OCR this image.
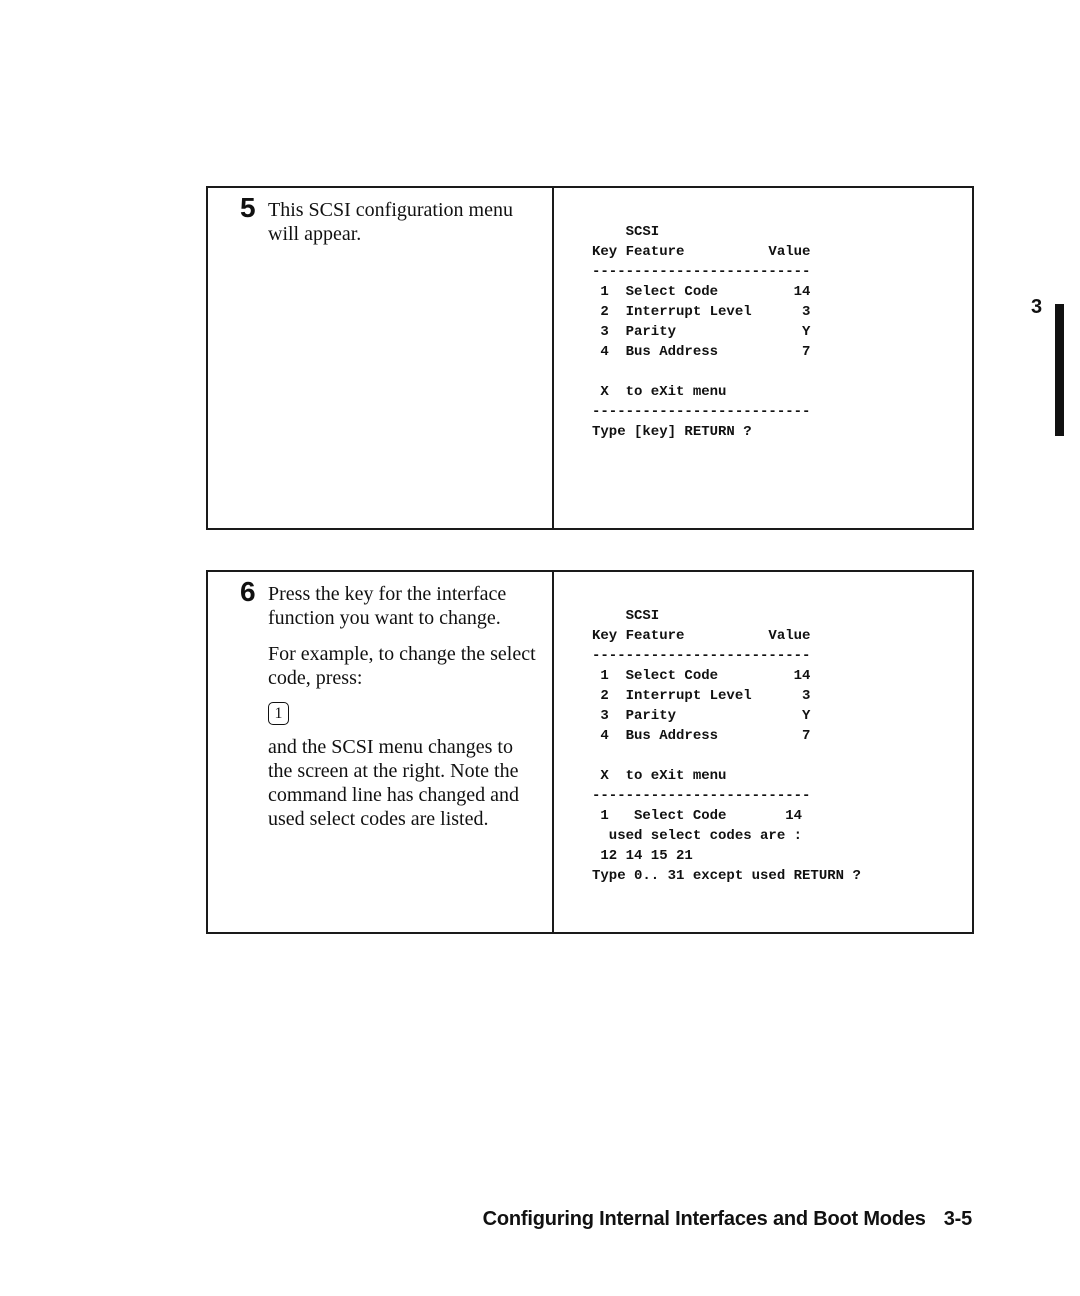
5 This SCSI configuration menu will appear.	SCSI
Key Feature          Value
--------------------------
1  Select Code         14
2  Interrupt Level      3
3  Parity               Y
4  Bus Address          7
X  to eXit menu
--------------------------
Type [key] RETURN ?
6 Press the key for the interface function you want to change.

For example, to change the select code, press:

1

and the SCSI menu changes to the screen at the right. Note the command line has changed and used select codes are listed.

SCSI
Key Feature          Value
--------------------------
1  Select Code         14
2  Interrupt Level      3
3  Parity               Y
4  Bus Address          7
X  to eXit menu
--------------------------
1   Select Code       14
used select codes are :
12 14 15 21
Type 0.. 31 except used RETURN ?
3
Configuring Internal Interfaces and Boot Modes 3-5
